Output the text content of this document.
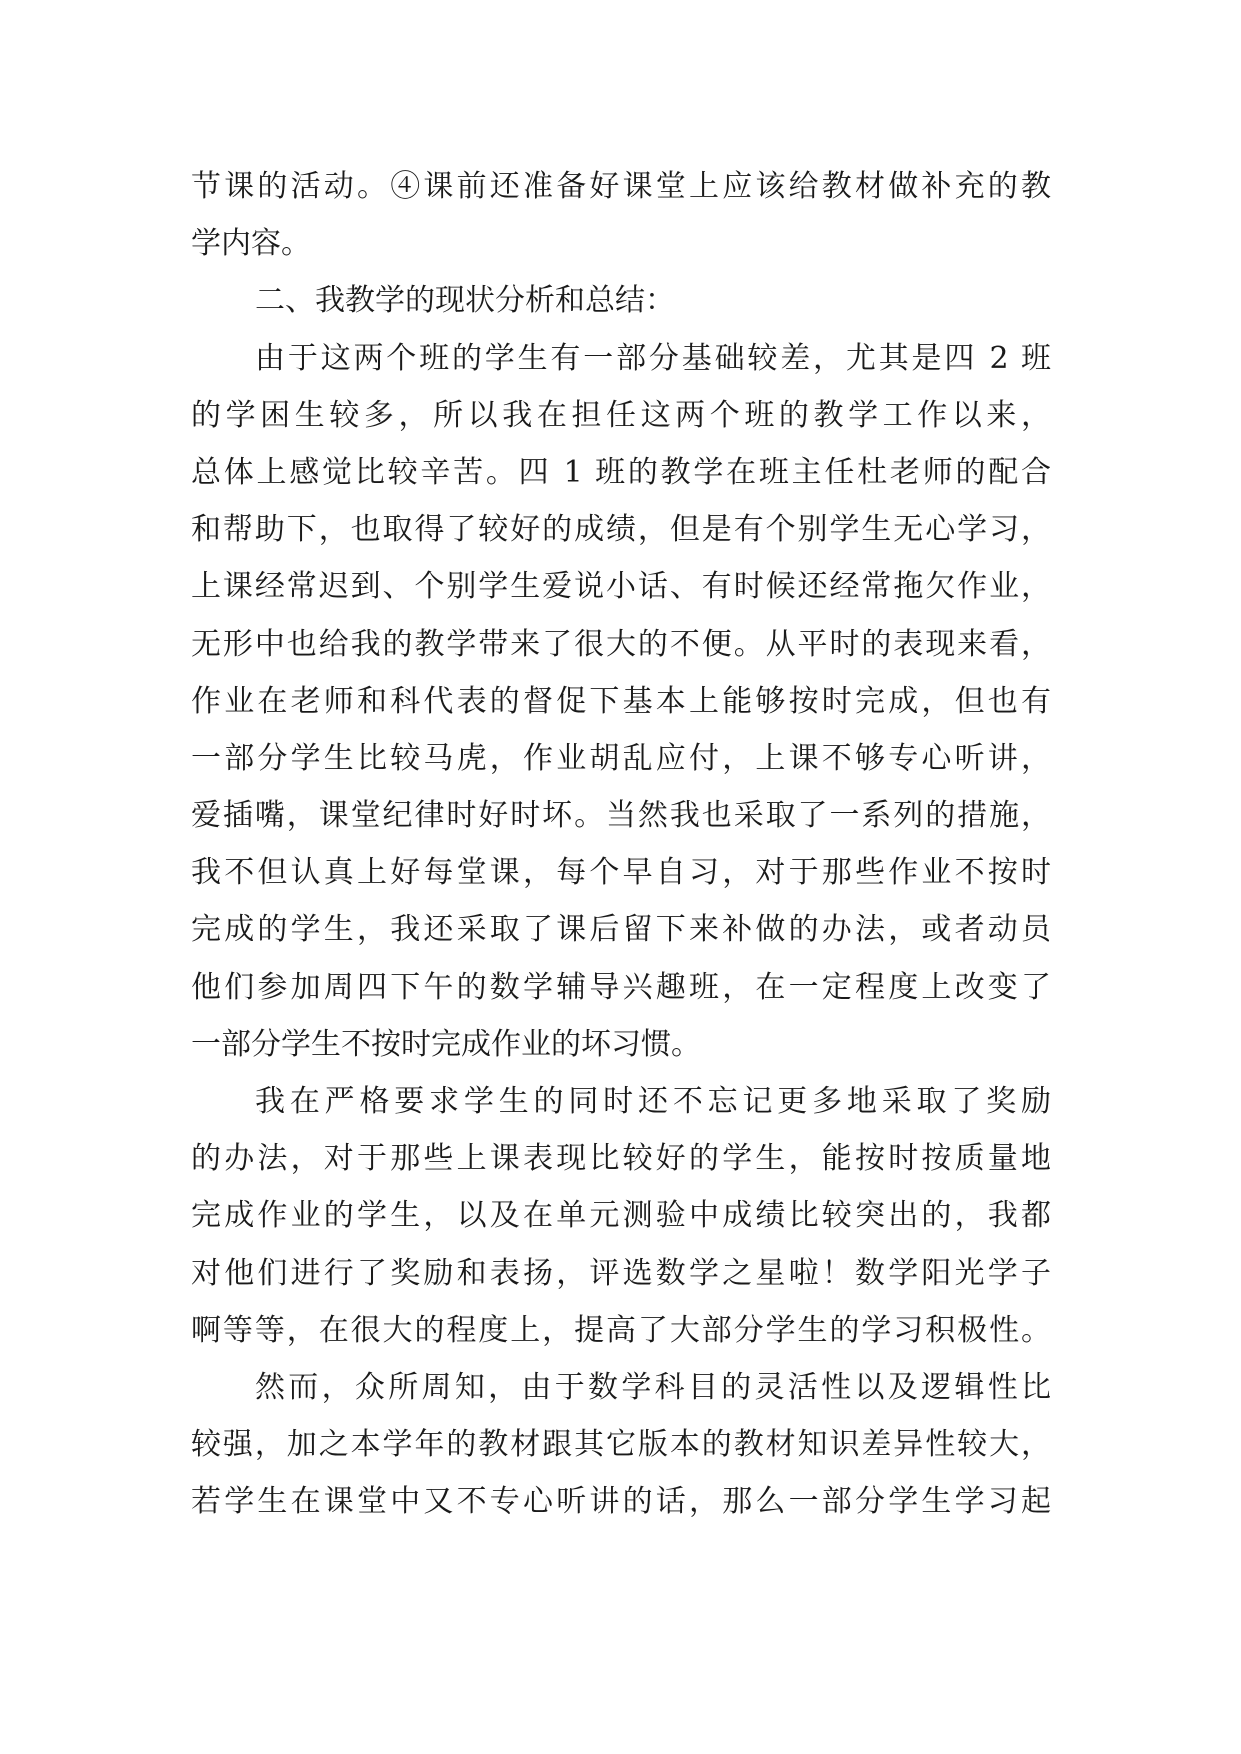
节课的活动。④课前还准备好课堂上应该给教材做补充的教
学内容。
二、我教学的现状分析和总结：
由于这两个班的学生有一部分基础较差，尤其是四 2 班
的学困生较多，所以我在担任这两个班的教学工作以来，
总体上感觉比较辛苦。四 1 班的教学在班主任杜老师的配合
和帮助下，也取得了较好的成绩，但是有个别学生无心学习，
上课经常迟到、个别学生爱说小话、有时候还经常拖欠作业，
无形中也给我的教学带来了很大的不便。从平时的表现来看，
作业在老师和科代表的督促下基本上能够按时完成，但也有
一部分学生比较马虎，作业胡乱应付，上课不够专心听讲，
爱插嘴，课堂纪律时好时坏。当然我也采取了一系列的措施，
我不但认真上好每堂课，每个早自习，对于那些作业不按时
完成的学生，我还采取了课后留下来补做的办法，或者动员
他们参加周四下午的数学辅导兴趣班，在一定程度上改变了
一部分学生不按时完成作业的坏习惯。
我在严格要求学生的同时还不忘记更多地采取了奖励
的办法，对于那些上课表现比较好的学生，能按时按质量地
完成作业的学生，以及在单元测验中成绩比较突出的，我都
对他们进行了奖励和表扬，评选数学之星啦！数学阳光学子
啊等等，在很大的程度上，提高了大部分学生的学习积极性。
然而，众所周知，由于数学科目的灵活性以及逻辑性比
较强，加之本学年的教材跟其它版本的教材知识差异性较大，
若学生在课堂中又不专心听讲的话，那么一部分学生学习起
